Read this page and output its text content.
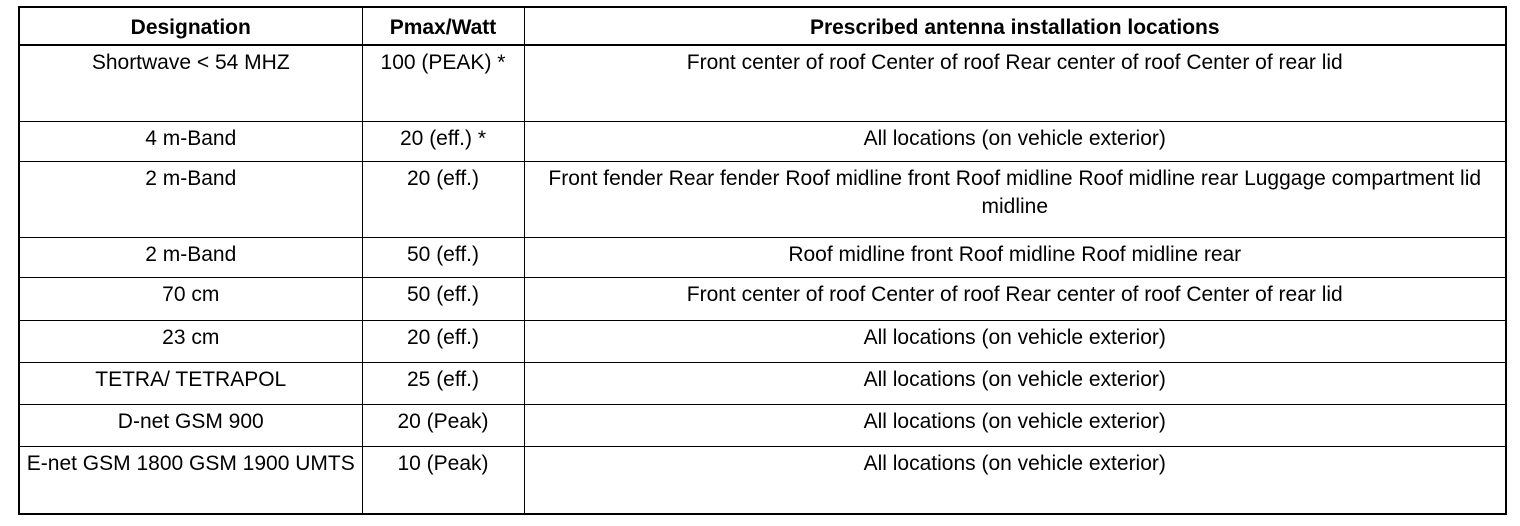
Designation	Pmax/Watt	Prescribed antenna installation locations
Shortwave < 54 MHZ	100 (PEAK) *	Front center of roof Center of roof Rear center of roof Center of rear lid
4 m-Band	20 (eff.) *	All locations (on vehicle exterior)
2 m-Band	20 (eff.)	Front fender Rear fender Roof midline front Roof midline Roof midline rear Luggage compartment lid midline
2 m-Band	50 (eff.)	Roof midline front Roof midline Roof midline rear
70 cm	50 (eff.)	Front center of roof Center of roof Rear center of roof Center of rear lid
23 cm	20 (eff.)	All locations (on vehicle exterior)
TETRA/ TETRAPOL	25 (eff.)	All locations (on vehicle exterior)
D-net GSM 900	20 (Peak)	All locations (on vehicle exterior)
E-net GSM 1800 GSM 1900 UMTS	10 (Peak)	All locations (on vehicle exterior)
